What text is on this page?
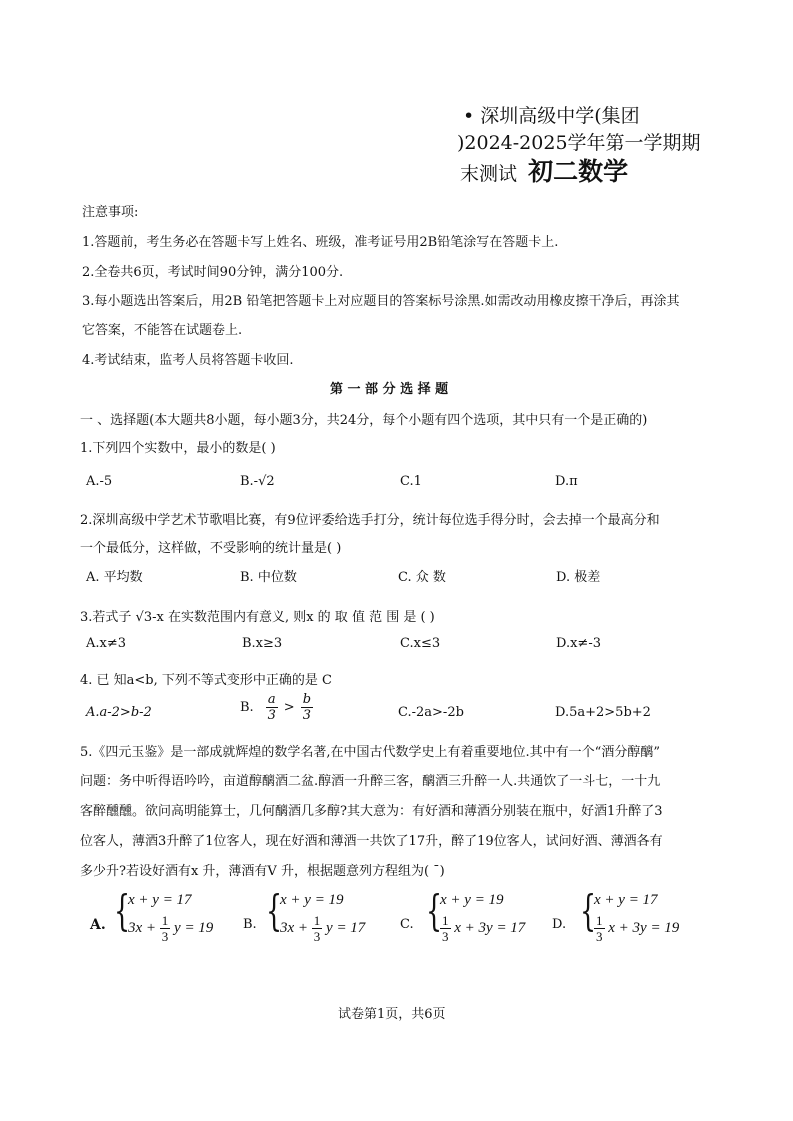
• 深圳高级中学(集团
)2024-2025学年第一学期期
末测试 初二数学
注意事项:
1.答题前，考生务必在答题卡写上姓名、班级，准考证号用2B铅笔涂写在答题卡上.
2.全卷共6页，考试时间90分钟，满分100分.
3.每小题选出答案后，用2B 铅笔把答题卡上对应题目的答案标号涂黑.如需改动用橡皮擦干净后，再涂其
它答案，不能答在试题卷上.
4.考试结束，监考人员将答题卡收回.
第 一 部 分 选 择 题
一 、选择题(本大题共8小题，每小题3分，共24分，每个小题有四个选项，其中只有一个是正确的)
1.下列四个实数中，最小的数是( )
A.-5	B.-√2	C.1	D.π
2.深圳高级中学艺术节歌唱比赛，有9位评委给选手打分，统计每位选手得分时，会去掉一个最高分和
一个最低分，这样做，不受影响的统计量是( )
A. 平均数	B. 中位数	C. 众 数	D. 极差
3.若式子 √3-x 在实数范围内有意义, 则x 的 取 值 范 围 是 ( )
A.x≠3	B.x≥3	C.x≤3	D.x≠-3
4. 已 知a<b, 下列不等式变形中正确的是 C
A.a-2>b-2	B. $\frac{a}{3} > \frac{b}{3}$	C.-2a>-2b	D.5a+2>5b+2
5.《四元玉鉴》是一部成就辉煌的数学名著,在中国古代数学史上有着重要地位.其中有一个“酒分醇醨”
问题：务中听得语吟吟，亩道醇醨酒二盆.醇酒一升醉三客，醨酒三升醉一人.共通饮了一斗七，一十九
客醉醺醺。欲问高明能算士，几何醨酒几多醇?其大意为：有好酒和薄酒分别装在瓶中，好酒1升醉了3
位客人，薄酒3升醉了1位客人，现在好酒和薄酒一共饮了17升，醉了19位客人，试问好酒、薄酒各有
多少升?若设好酒有x 升，薄酒有V 升，根据题意列方程组为( ˉ)
A. {
x + y = 17
$3x + \frac{1}{3}$ y = 19 B. {
x + y = 19
$3x + \frac{1}{3}$ y = 17	C. {
x + y = 19
$\frac{1}{3}$ x + 3y = 17 D. {
x + y = 17
$\frac{1}{3}$ x + 3y = 19
试卷第1页，共6页
